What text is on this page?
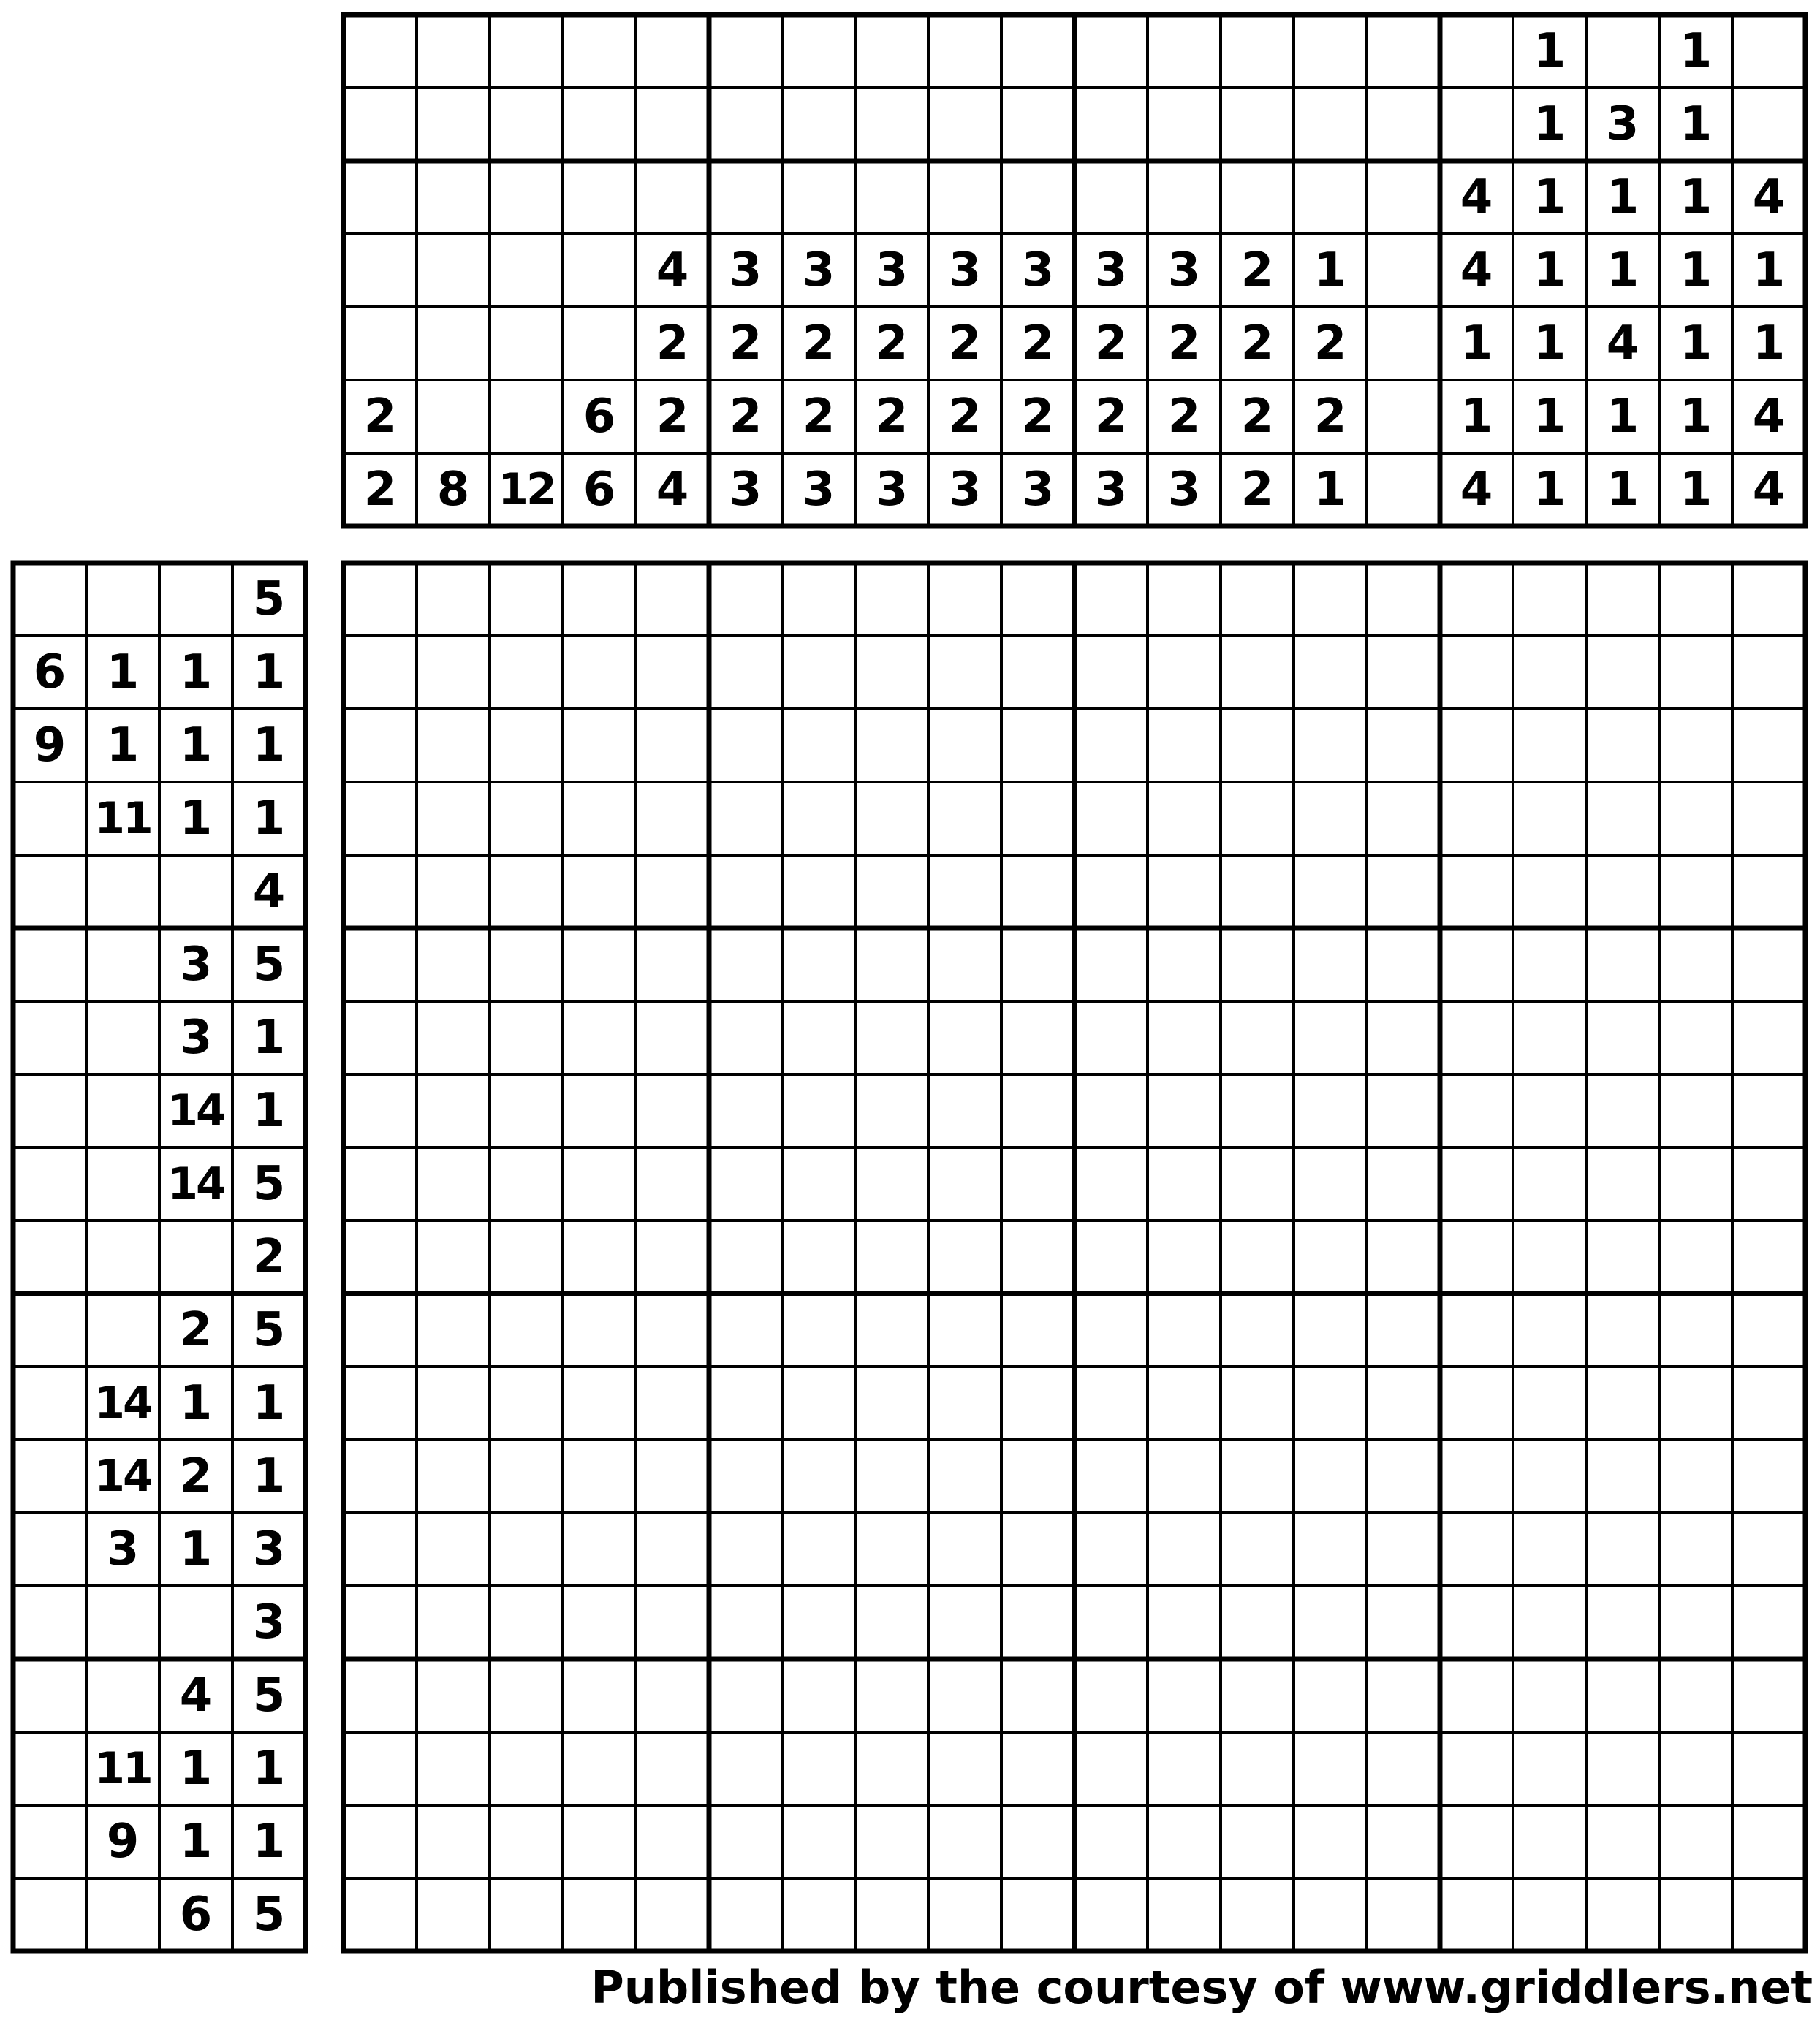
2
2 8 12
6
6
4
2
2
4
3
2
2
3
3
2
2
3
3
2
2
3
3
2
2
3
3
2
2
3
3
2
2
3
3
2
2
3
2
2
2
2
1
2
2
1
4
4
1
1
4
1
1
1
1
1
1
1
3
1
1
4
1
1
1
1
1
1
1
1
1
4
1
1
4
4
5
6 1 1 1
9 1 1 1
11 1 1
4
3 5
3 1
14 1
14 5
2
2 5
14 1 1
14 2 1
3 1 3
3
4 5
11 1 1
9 1 1
6 5
Published by the courtesy of www.griddlers.net
